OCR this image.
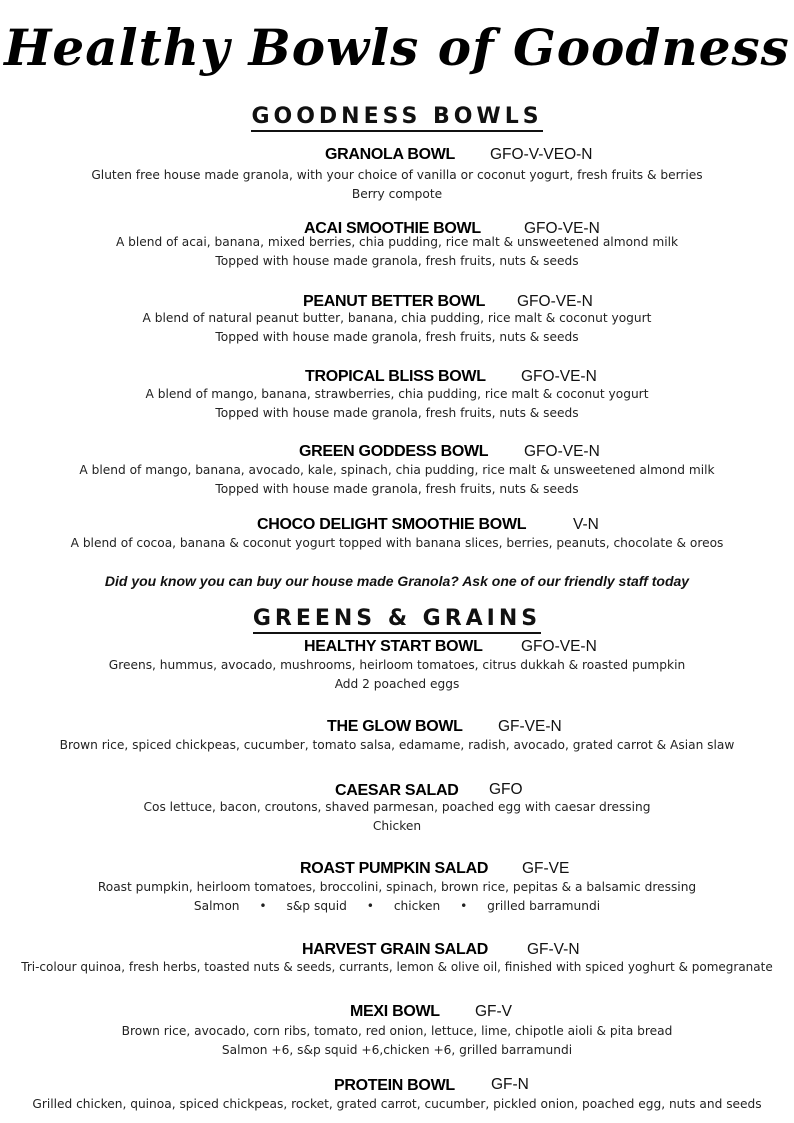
Healthy Bowls of Goodness
GOODNESS BOWLS
GRANOLA BOWL GFO-V-VEO-N
Gluten free house made granola, with your choice of vanilla or coconut yogurt, fresh fruits & berries
Berry compote
ACAI SMOOTHIE BOWL	GFO-VE-N
A blend of acai, banana, mixed berries, chia pudding, rice malt & unsweetened almond milk
Topped with house made granola, fresh fruits, nuts & seeds
PEANUT BETTER BOWL GFO-VE-N
A blend of natural peanut butter, banana, chia pudding, rice malt & coconut yogurt
Topped with house made granola, fresh fruits, nuts & seeds
TROPICAL BLISS BOWL GFO-VE-N
A blend of mango, banana, strawberries, chia pudding, rice malt & coconut yogurt
Topped with house made granola, fresh fruits, nuts & seeds
GREEN GODDESS BOWL GFO-VE-N
A blend of mango, banana, avocado, kale, spinach, chia pudding, rice malt & unsweetened almond milk
Topped with house made granola, fresh fruits, nuts & seeds
CHOCO DELIGHT SMOOTHIE BOWL	V-N
A blend of cocoa, banana & coconut yogurt topped with banana slices, berries, peanuts, chocolate & oreos
Did you know you can buy our house made Granola? Ask one of our friendly staff today
GREENS & GRAINS
HEALTHY START BOWL GFO-VE-N
Greens, hummus, avocado, mushrooms, heirloom tomatoes, citrus dukkah & roasted pumpkin
Add 2 poached eggs
THE GLOW BOWL GF-VE-N
Brown rice, spiced chickpeas, cucumber, tomato salsa, edamame, radish, avocado, grated carrot & Asian slaw
CAESAR SALAD GFO
Cos lettuce, bacon, croutons, shaved parmesan, poached egg with caesar dressing
Chicken
ROAST PUMPKIN SALAD GF-VE
Roast pumpkin, heirloom tomatoes, broccolini, spinach, brown rice, pepitas & a balsamic dressing
Salmon • s&p squid • chicken • grilled barramundi
HARVEST GRAIN SALAD	GF-V-N
Tri-colour quinoa, fresh herbs, toasted nuts & seeds, currants, lemon & olive oil, finished with spiced yoghurt & pomegranate
MEXI BOWL GF-V
Brown rice, avocado, corn ribs, tomato, red onion, lettuce, lime, chipotle aioli & pita bread
Salmon +6, s&p squid +6,chicken +6, grilled barramundi
PROTEIN BOWL GF-N
Grilled chicken, quinoa, spiced chickpeas, rocket, grated carrot, cucumber, pickled onion, poached egg, nuts and seeds
